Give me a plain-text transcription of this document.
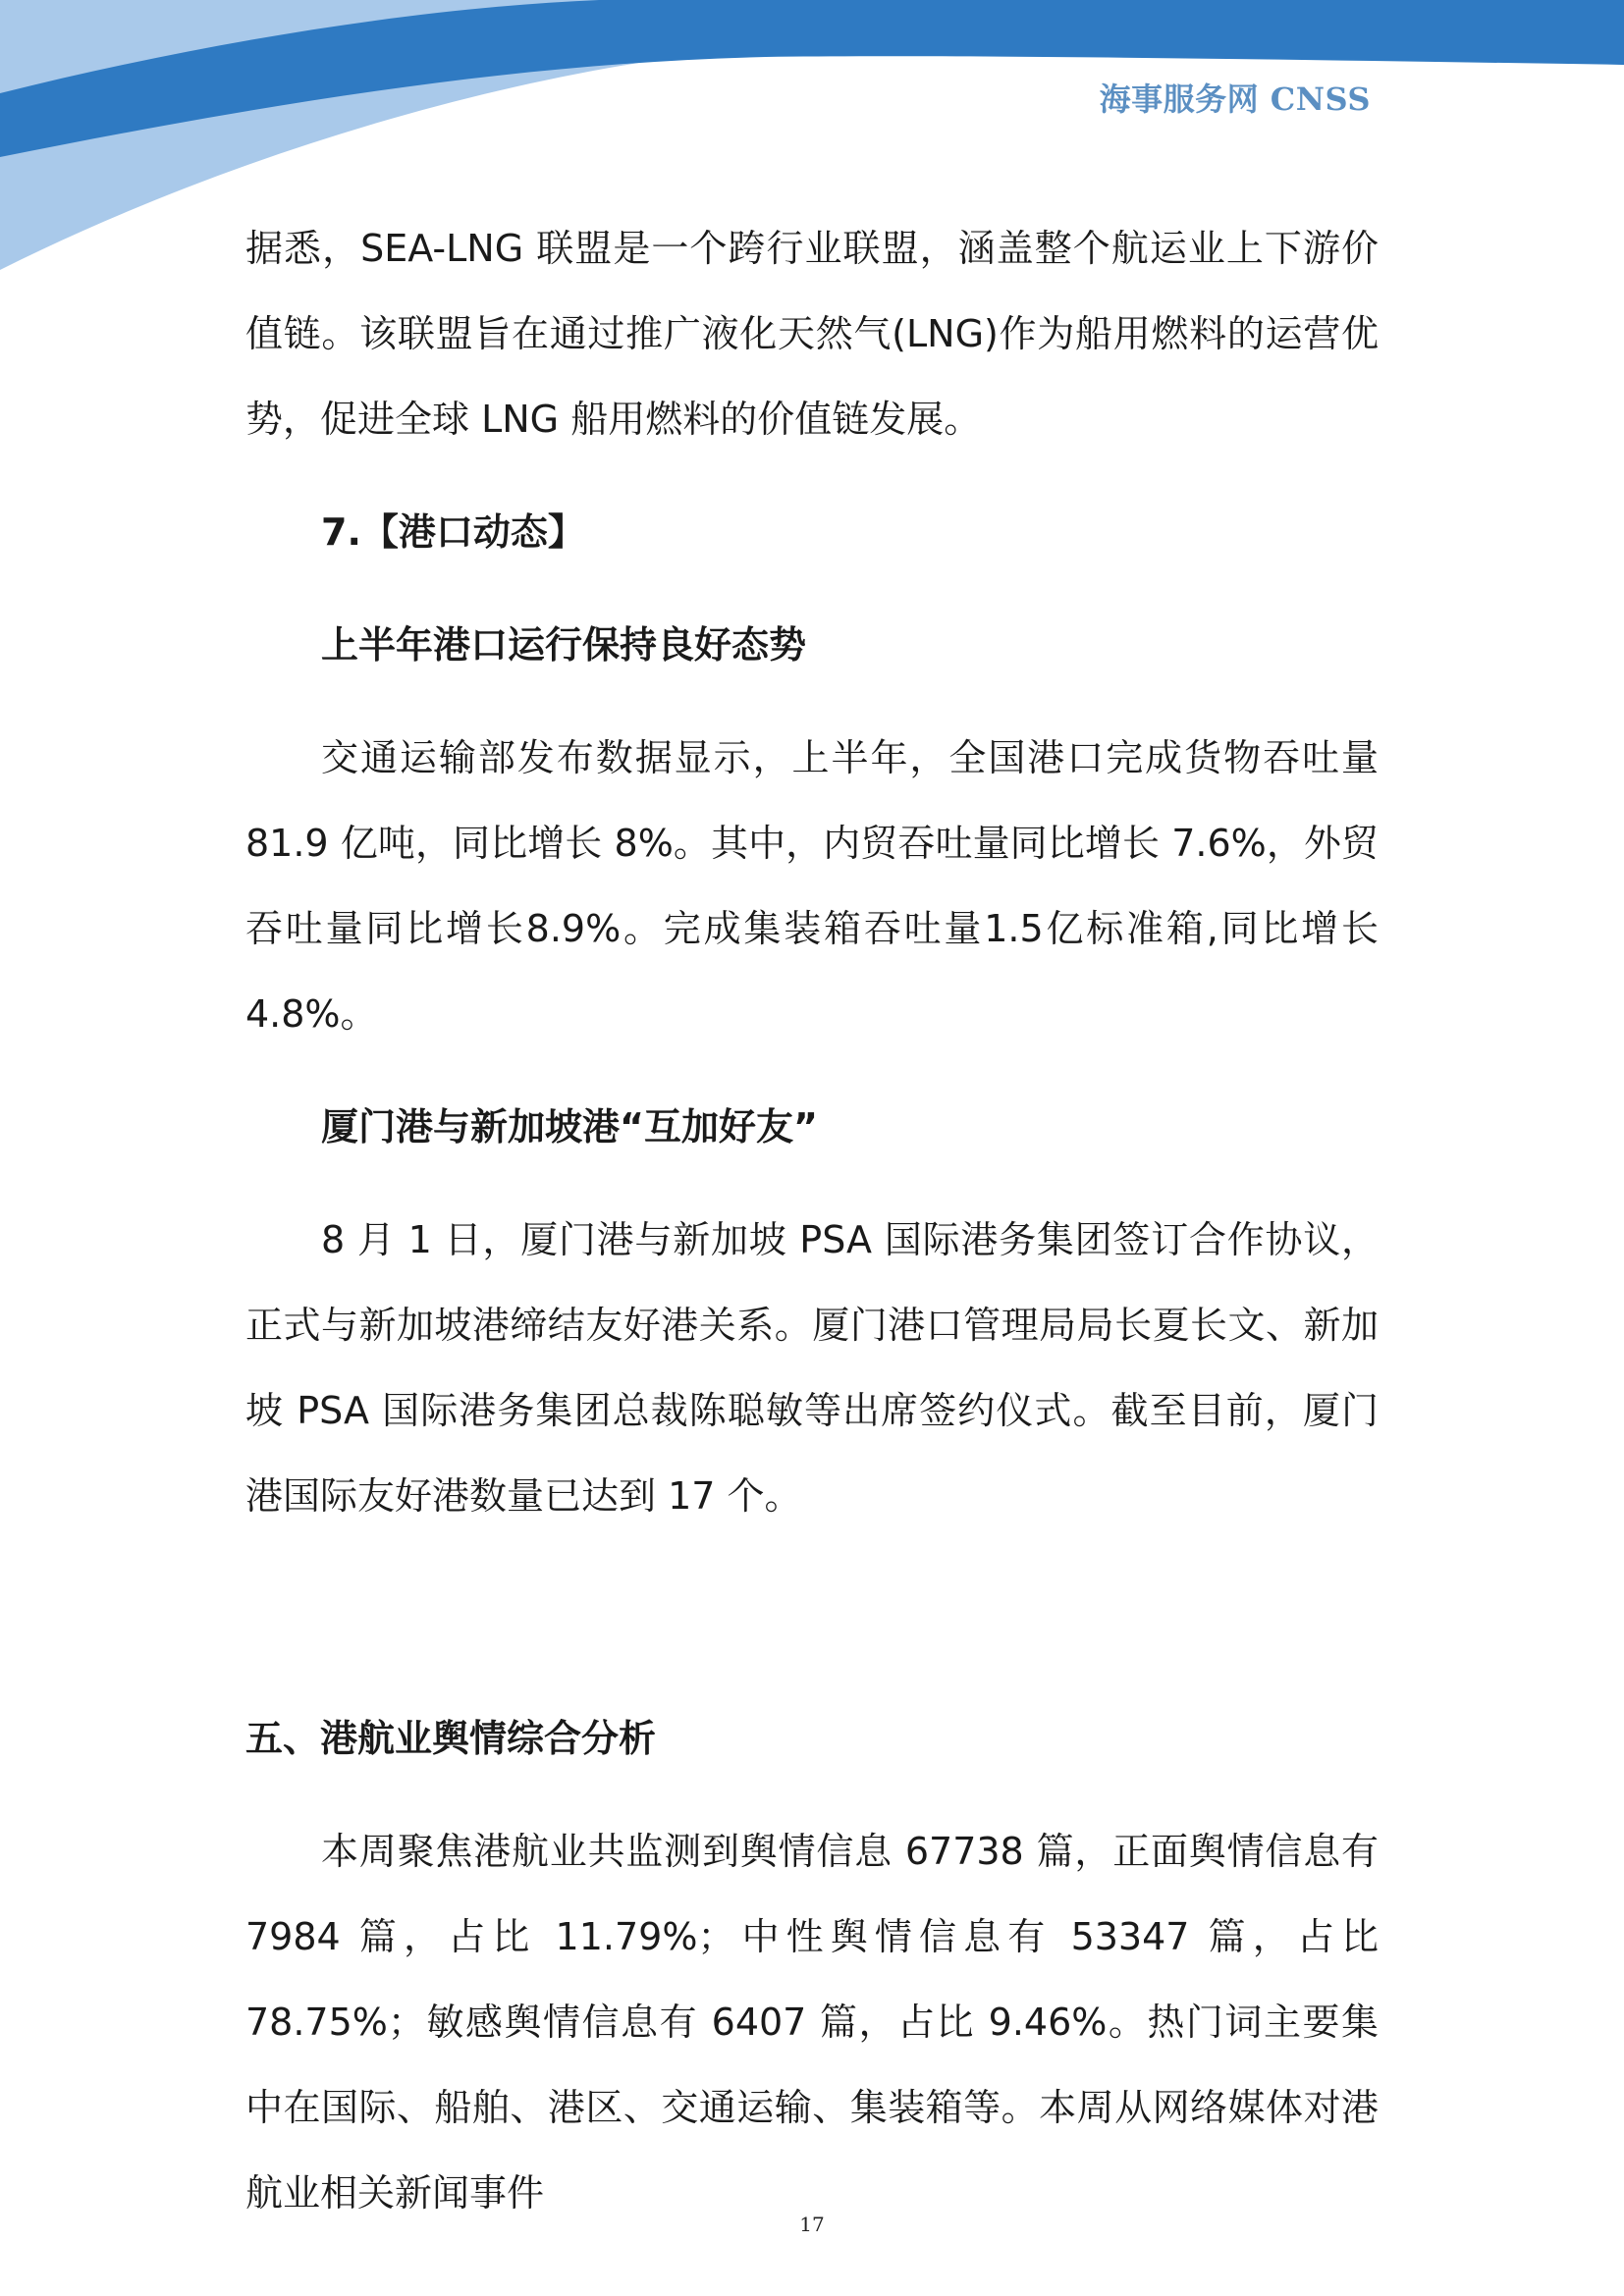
海事服务网 CNSS

据悉，SEA-LNG 联盟是一个跨行业联盟，涵盖整个航运业上下游价值链。该联盟旨在通过推广液化天然气(LNG)作为船用燃料的运营优势，促进全球 LNG 船用燃料的价值链发展。

7.【港口动态】
上半年港口运行保持良好态势

交通运输部发布数据显示，上半年，全国港口完成货物吞吐量 81.9 亿吨，同比增长 8%。其中，内贸吞吐量同比增长 7.6%，外贸吞吐量同比增长8.9%。完成集装箱吞吐量1.5亿标准箱,同比增长4.8%。

厦门港与新加坡港“互加好友”

8 月 1 日，厦门港与新加坡 PSA 国际港务集团签订合作协议，正式与新加坡港缔结友好港关系。厦门港口管理局局长夏长文、新加坡 PSA 国际港务集团总裁陈聪敏等出席签约仪式。截至目前，厦门港国际友好港数量已达到 17 个。

五、港航业舆情综合分析

本周聚焦港航业共监测到舆情信息 67738 篇，正面舆情信息有 7984 篇，占比 11.79%；中性舆情信息有 53347 篇，占比 78.75%；敏感舆情信息有 6407 篇，占比 9.46%。热门词主要集中在国际、船舶、港区、交通运输、集装箱等。本周从网络媒体对港航业相关新闻事件

17
